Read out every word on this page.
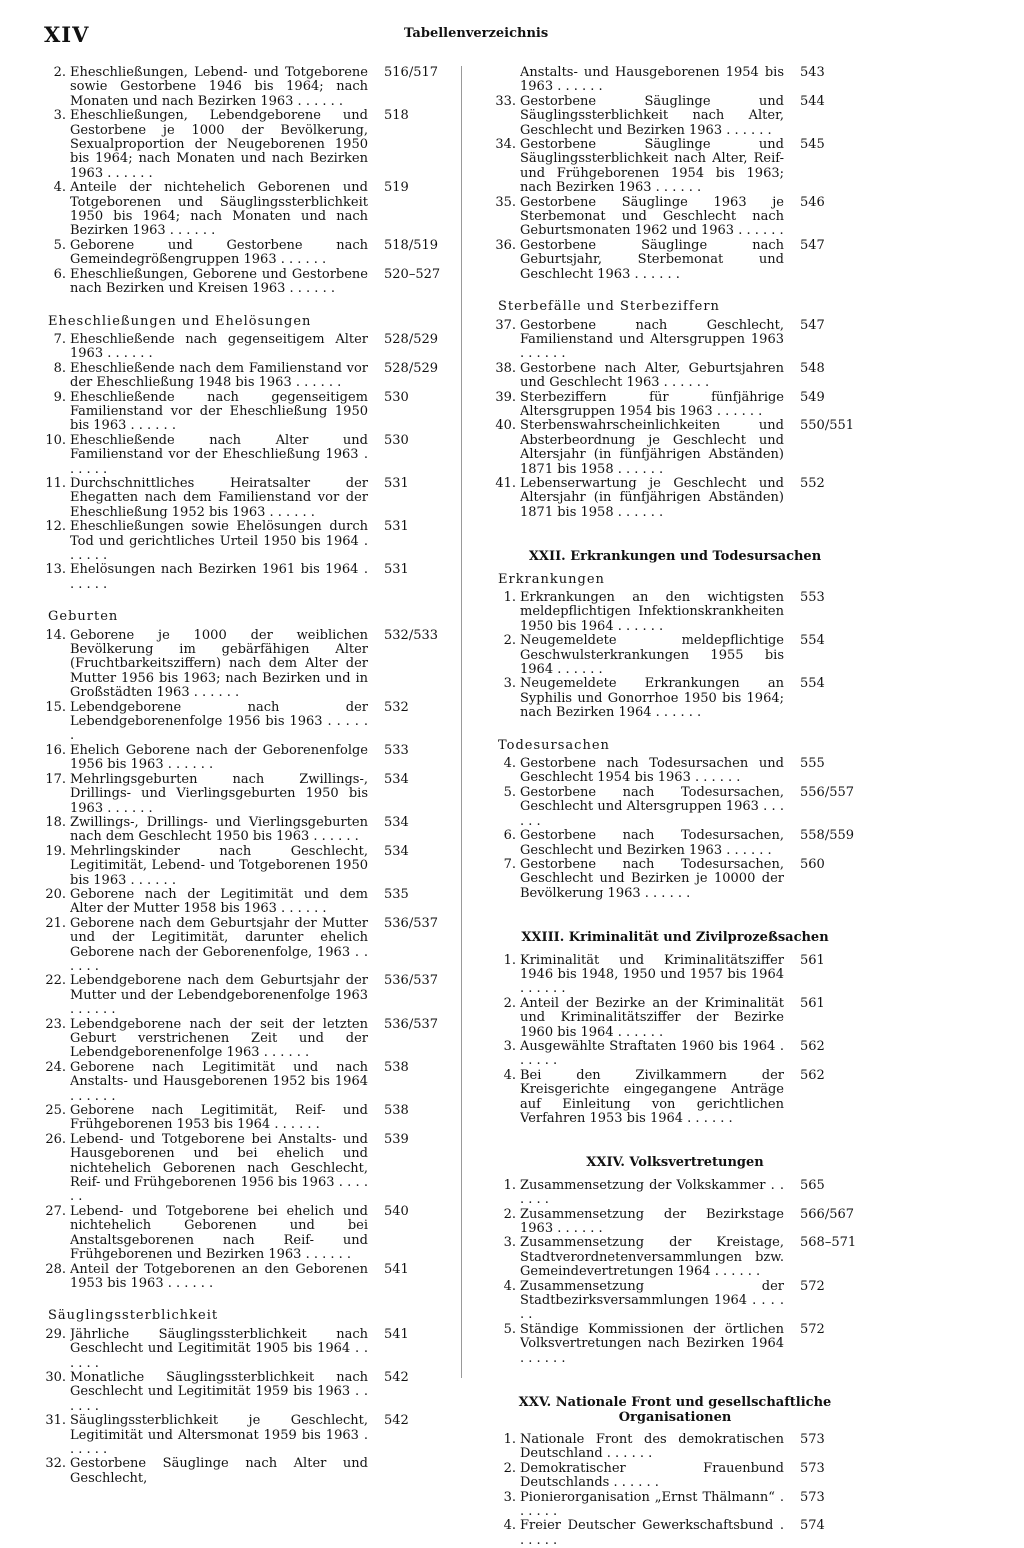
XIV	Tabellenverzeichnis
2. Eheschließungen, Lebend- und Totgeborene sowie Gestorbene 1946 bis 1964; nach Monaten und nach Bezirken 1963 . . . . . .
516/517
3. Eheschließungen, Lebendgeborene und Gestorbene je 1000 der Bevölkerung, Sexualproportion der Neugeborenen 1950 bis 1964; nach Monaten und nach Bezirken 1963 . . . . . .
518
4. Anteile der nichtehelich Geborenen und Totgeborenen und Säuglingssterblichkeit 1950 bis 1964; nach Monaten und nach Bezirken 1963 . . . . . .
519
5. Geborene und Gestorbene nach Gemeindegrößengruppen 1963 . . . . . .
518/519
6. Eheschließungen, Geborene und Gestorbene nach Bezirken und Kreisen 1963 . . . . . .
520–527
Eheschließungen und Ehelösungen
7. Eheschließende nach gegenseitigem Alter 1963 . . . . . .
528/529
8. Eheschließende nach dem Familienstand vor der Eheschließung 1948 bis 1963 . . . . . .
528/529
9. Eheschließende nach gegenseitigem Familienstand vor der Eheschließung 1950 bis 1963 . . . . . .
530
10. Eheschließende nach Alter und Familienstand vor der Eheschließung 1963 . . . . . .
530
11. Durchschnittliches Heiratsalter der Ehegatten nach dem Familienstand vor der Eheschließung 1952 bis 1963 . . . . . .
531
12. Eheschließungen sowie Ehelösungen durch Tod und gerichtliches Urteil 1950 bis 1964 . . . . . .
531
13. Ehelösungen nach Bezirken 1961 bis 1964 . . . . . .
531
Geburten
14. Geborene je 1000 der weiblichen Bevölkerung im gebärfähigen Alter (Fruchtbarkeitsziffern) nach dem Alter der Mutter 1956 bis 1963; nach Bezirken und in Großstädten 1963 . . . . . .
532/533
15. Lebendgeborene nach der Lebendgeborenenfolge 1956 bis 1963 . . . . . .
532
16. Ehelich Geborene nach der Geborenenfolge 1956 bis 1963 . . . . . .
533
17. Mehrlingsgeburten nach Zwillings-, Drillings- und Vierlingsgeburten 1950 bis 1963 . . . . . .
534
18. Zwillings-, Drillings- und Vierlingsgeburten nach dem Geschlecht 1950 bis 1963 . . . . . .
534
19. Mehrlingskinder nach Geschlecht, Legitimität, Lebend- und Totgeborenen 1950 bis 1963 . . . . . .
534
20. Geborene nach der Legitimität und dem Alter der Mutter 1958 bis 1963 . . . . . .
535
21. Geborene nach dem Geburtsjahr der Mutter und der Legitimität, darunter ehelich Geborene nach der Geborenenfolge, 1963 . . . . . .
536/537
22. Lebendgeborene nach dem Geburtsjahr der Mutter und der Lebendgeborenenfolge 1963 . . . . . .
536/537
23. Lebendgeborene nach der seit der letzten Geburt verstrichenen Zeit und der Lebendgeborenenfolge 1963 . . . . . .
536/537
24. Geborene nach Legitimität und nach Anstalts- und Hausgeborenen 1952 bis 1964 . . . . . .
538
25. Geborene nach Legitimität, Reif- und Frühgeborenen 1953 bis 1964 . . . . . .
538
26. Lebend- und Totgeborene bei Anstalts- und Hausgeborenen und bei ehelich und nichtehelich Geborenen nach Geschlecht, Reif- und Frühgeborenen 1956 bis 1963 . . . . . .
539
27. Lebend- und Totgeborene bei ehelich und nichtehelich Geborenen und bei Anstaltsgeborenen nach Reif- und Frühgeborenen und Bezirken 1963 . . . . . .
540
28. Anteil der Totgeborenen an den Geborenen 1953 bis 1963 . . . . . .
541
Säuglingssterblichkeit
29. Jährliche Säuglingssterblichkeit nach Geschlecht und Legitimität 1905 bis 1964 . . . . . .
541
30. Monatliche Säuglingssterblichkeit nach Geschlecht und Legitimität 1959 bis 1963 . . . . . .
542
31. Säuglingssterblichkeit je Geschlecht, Legitimität und Altersmonat 1959 bis 1963 . . . . . .
542
32. Gestorbene Säuglinge nach Alter und Geschlecht,
Anstalts- und Hausgeborenen 1954 bis 1963 . . . . . .
543
33. Gestorbene Säuglinge und Säuglingssterblichkeit nach Alter, Geschlecht und Bezirken 1963 . . . . . .
544
34. Gestorbene Säuglinge und Säuglingssterblichkeit nach Alter, Reif- und Frühgeborenen 1954 bis 1963; nach Bezirken 1963 . . . . . .
545
35. Gestorbene Säuglinge 1963 je Sterbemonat und Geschlecht nach Geburtsmonaten 1962 und 1963 . . . . . .
546
36. Gestorbene Säuglinge nach Geburtsjahr, Sterbemonat und Geschlecht 1963 . . . . . .
547
Sterbefälle und Sterbeziffern
37. Gestorbene nach Geschlecht, Familienstand und Altersgruppen 1963 . . . . . .
547
38. Gestorbene nach Alter, Geburtsjahren und Geschlecht 1963 . . . . . .
548
39. Sterbeziffern für fünfjährige Altersgruppen 1954 bis 1963 . . . . . .
549
40. Sterbenswahrscheinlichkeiten und Absterbeordnung je Geschlecht und Altersjahr (in fünfjährigen Abständen) 1871 bis 1958 . . . . . .
550/551
41. Lebenserwartung je Geschlecht und Altersjahr (in fünfjährigen Abständen) 1871 bis 1958 . . . . . .
552
XXII. Erkrankungen und Todesursachen
Erkrankungen
1. Erkrankungen an den wichtigsten meldepflichtigen Infektionskrankheiten 1950 bis 1964 . . . . . .
553
2. Neugemeldete meldepflichtige Geschwulsterkrankungen 1955 bis 1964 . . . . . .
554
3. Neugemeldete Erkrankungen an Syphilis und Gonorrhoe 1950 bis 1964; nach Bezirken 1964 . . . . . .
554
Todesursachen
4. Gestorbene nach Todesursachen und Geschlecht 1954 bis 1963 . . . . . .
555
5. Gestorbene nach Todesursachen, Geschlecht und Altersgruppen 1963 . . . . . .
556/557
6. Gestorbene nach Todesursachen, Geschlecht und Bezirken 1963 . . . . . .
558/559
7. Gestorbene nach Todesursachen, Geschlecht und Bezirken je 10000 der Bevölkerung 1963 . . . . . .
560
XXIII. Kriminalität und Zivilprozeßsachen
1. Kriminalität und Kriminalitätsziffer 1946 bis 1948, 1950 und 1957 bis 1964 . . . . . .
561
2. Anteil der Bezirke an der Kriminalität und Kriminalitätsziffer der Bezirke 1960 bis 1964 . . . . . .
561
3. Ausgewählte Straftaten 1960 bis 1964 . . . . . .
562
4. Bei den Zivilkammern der Kreisgerichte eingegangene Anträge auf Einleitung von gerichtlichen Verfahren 1953 bis 1964 . . . . . .
562
XXIV. Volksvertretungen
1. Zusammensetzung der Volkskammer . . . . . .
565
2. Zusammensetzung der Bezirkstage 1963 . . . . . .
566/567
3. Zusammensetzung der Kreistage, Stadtverordnetenversammlungen bzw. Gemeindevertretungen 1964 . . . . . .
568–571
4. Zusammensetzung der Stadtbezirksversammlungen 1964 . . . . . .
572
5. Ständige Kommissionen der örtlichen Volksvertretungen nach Bezirken 1964 . . . . . .
572
XXV. Nationale Front und gesellschaftliche Organisationen
1. Nationale Front des demokratischen Deutschland . . . . . .
573
2. Demokratischer Frauenbund Deutschlands . . . . . .
573
3. Pionierorganisation „Ernst Thälmann“ . . . . . .
573
4. Freier Deutscher Gewerkschaftsbund . . . . . .
574
